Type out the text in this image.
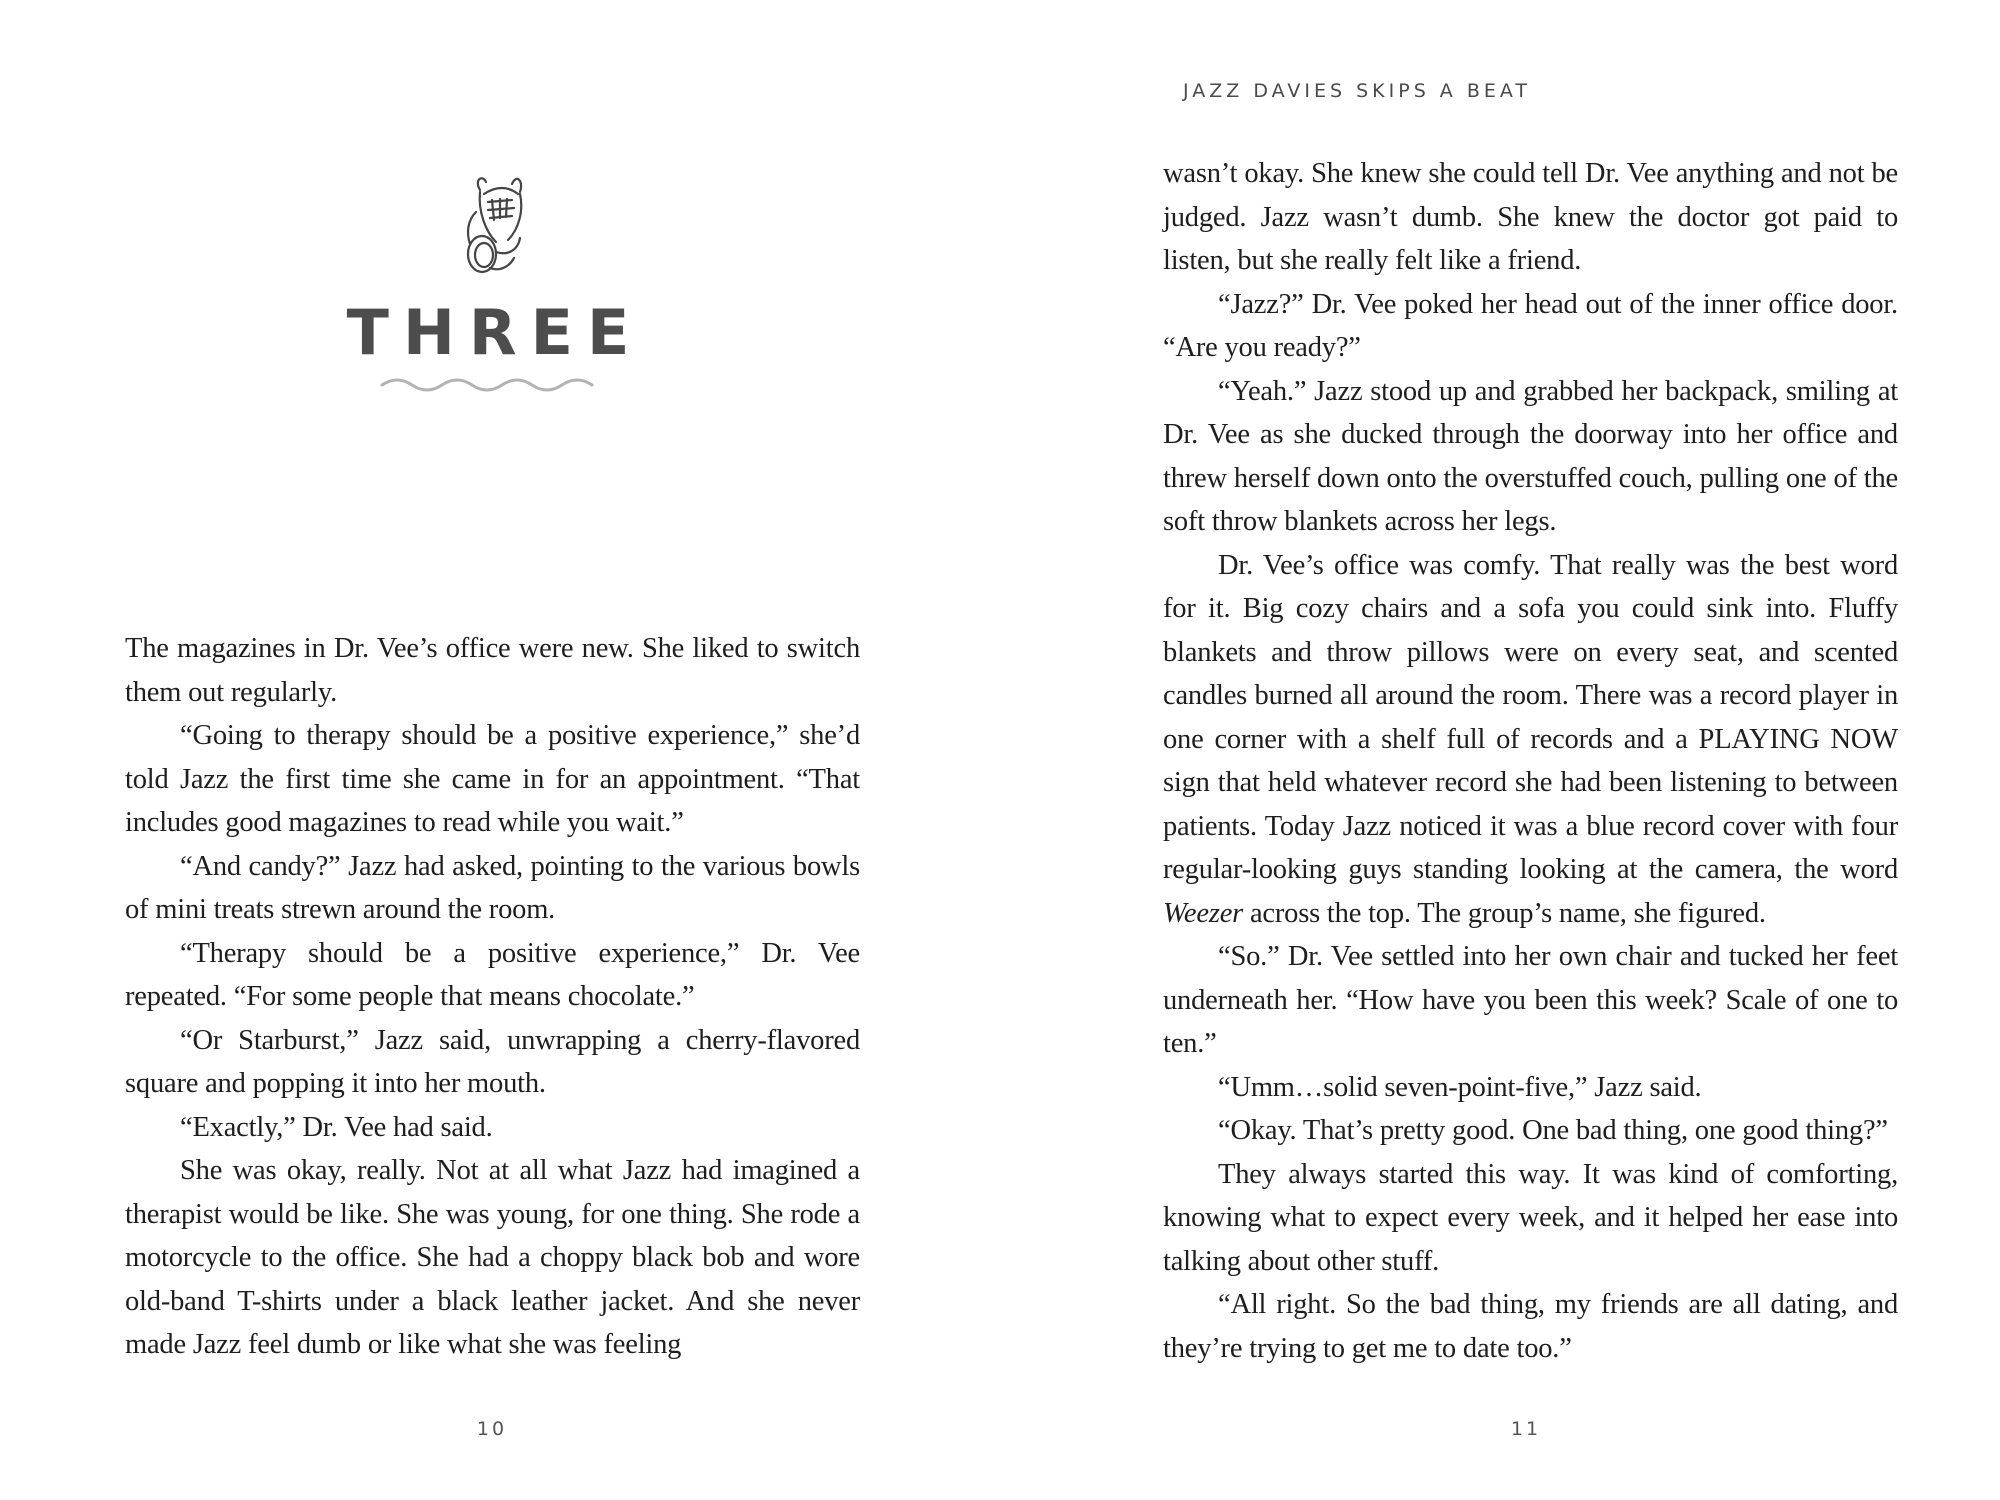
THREE

The magazines in Dr. Vee’s office were new. She liked to switch them out regularly.

“Going to therapy should be a positive experience,” she’d told Jazz the first time she came in for an appointment. “That includes good magazines to read while you wait.”

“And candy?” Jazz had asked, pointing to the various bowls of mini treats strewn around the room.

“Therapy should be a positive experience,” Dr. Vee repeated. “For some people that means chocolate.”

“Or Starburst,” Jazz said, unwrapping a cherry-flavored square and popping it into her mouth.

“Exactly,” Dr. Vee had said.

She was okay, really. Not at all what Jazz had imagined a therapist would be like. She was young, for one thing. She rode a motorcycle to the office. She had a choppy black bob and wore old-band T-shirts under a black leather jacket. And she never made Jazz feel dumb or like what she was feeling

10
JAZZ DAVIES SKIPS A BEAT

wasn’t okay. She knew she could tell Dr. Vee anything and not be judged. Jazz wasn’t dumb. She knew the doctor got paid to listen, but she really felt like a friend.

“Jazz?” Dr. Vee poked her head out of the inner office door. “Are you ready?”

“Yeah.” Jazz stood up and grabbed her backpack, smiling at Dr. Vee as she ducked through the doorway into her office and threw herself down onto the overstuffed couch, pulling one of the soft throw blankets across her legs.

Dr. Vee’s office was comfy. That really was the best word for it. Big cozy chairs and a sofa you could sink into. Fluffy blankets and throw pillows were on every seat, and scented candles burned all around the room. There was a record player in one corner with a shelf full of records and a PLAYING NOW sign that held whatever record she had been listening to between patients. Today Jazz noticed it was a blue record cover with four regular-looking guys standing looking at the camera, the word Weezer across the top. The group’s name, she figured.

“So.” Dr. Vee settled into her own chair and tucked her feet underneath her. “How have you been this week? Scale of one to ten.”

“Umm…solid seven-point-five,” Jazz said.

“Okay. That’s pretty good. One bad thing, one good thing?”

They always started this way. It was kind of comforting, knowing what to expect every week, and it helped her ease into talking about other stuff.

“All right. So the bad thing, my friends are all dating, and they’re trying to get me to date too.”

11
